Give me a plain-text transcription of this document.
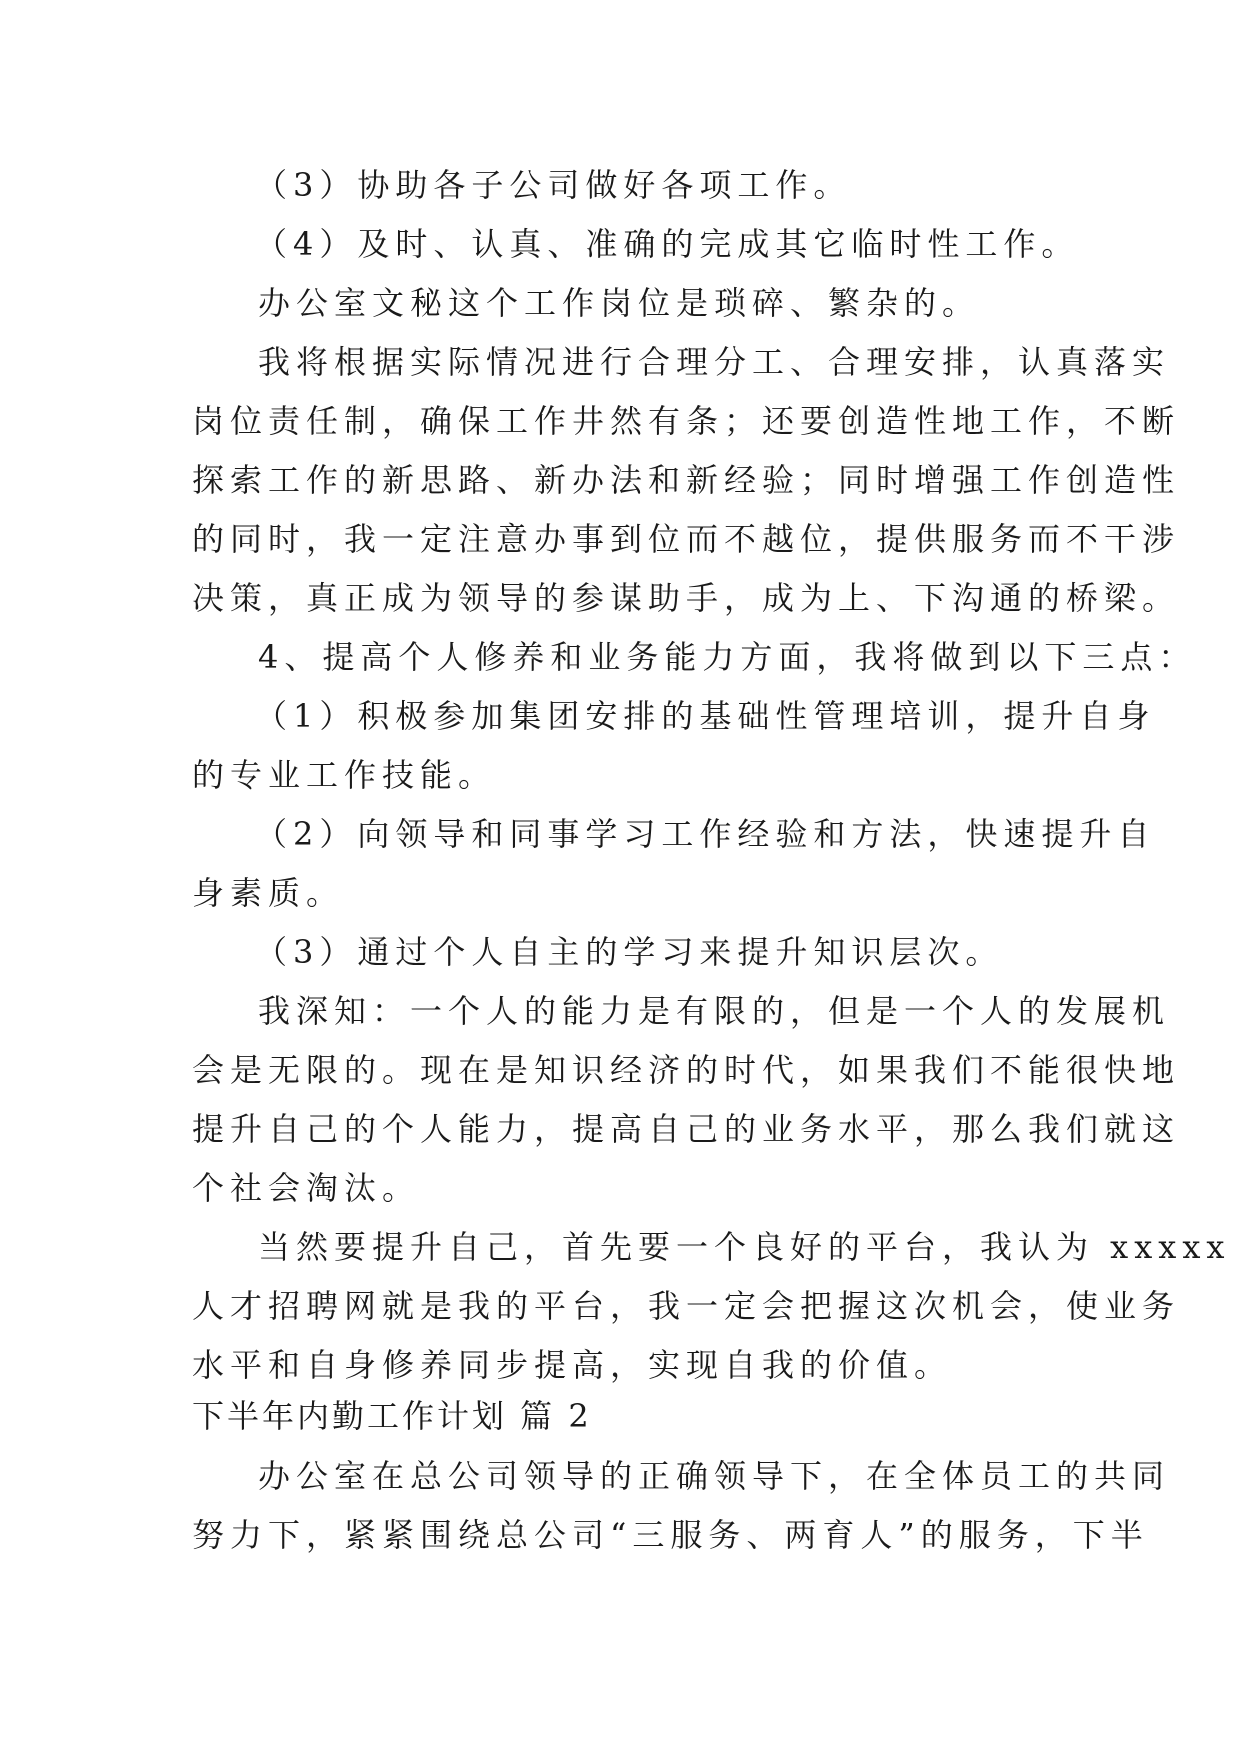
（3）协助各子公司做好各项工作。
（4）及时、认真、准确的完成其它临时性工作。
办公室文秘这个工作岗位是琐碎、繁杂的。
我将根据实际情况进行合理分工、合理安排，认真落实
岗位责任制，确保工作井然有条；还要创造性地工作，不断
探索工作的新思路、新办法和新经验；同时增强工作创造性
的同时，我一定注意办事到位而不越位，提供服务而不干涉
决策，真正成为领导的参谋助手，成为上、下沟通的桥梁。
4、提高个人修养和业务能力方面，我将做到以下三点：
（1）积极参加集团安排的基础性管理培训，提升自身
的专业工作技能。
（2）向领导和同事学习工作经验和方法，快速提升自
身素质。
（3）通过个人自主的学习来提升知识层次。
我深知：一个人的能力是有限的，但是一个人的发展机
会是无限的。现在是知识经济的时代，如果我们不能很快地
提升自己的个人能力，提高自己的业务水平，那么我们就这
个社会淘汰。
当然要提升自己，首先要一个良好的平台，我认为 xxxxx
人才招聘网就是我的平台，我一定会把握这次机会，使业务
水平和自身修养同步提高，实现自我的价值。
下半年内勤工作计划 篇 2
办公室在总公司领导的正确领导下，在全体员工的共同
努力下，紧紧围绕总公司“三服务、两育人”的服务，下半
